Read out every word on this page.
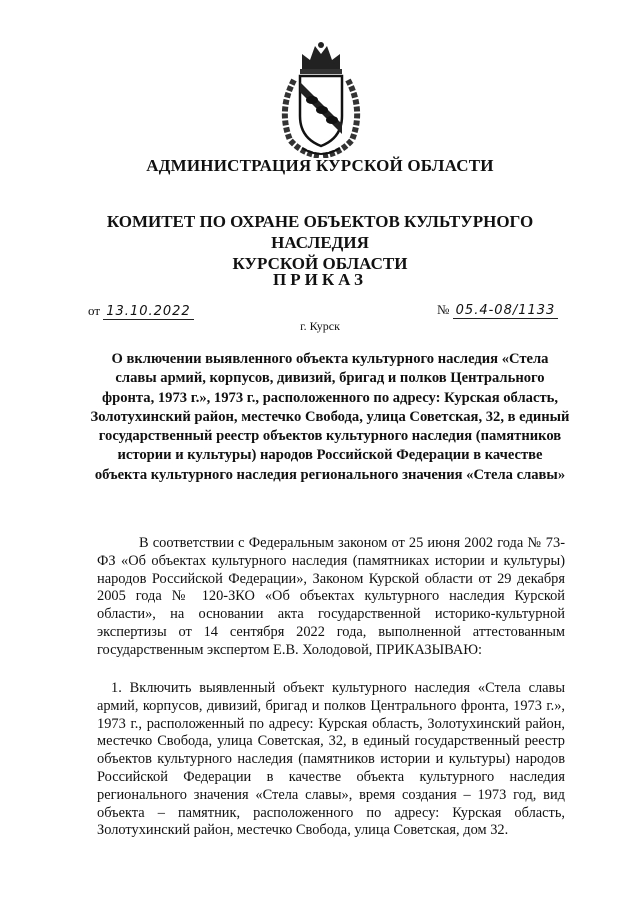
АДМИНИСТРАЦИЯ КУРСКОЙ ОБЛАСТИ
КОМИТЕТ ПО ОХРАНЕ ОБЪЕКТОВ КУЛЬТУРНОГО НАСЛЕДИЯ
КУРСКОЙ ОБЛАСТИ
ПРИКАЗ
от 13.10.2022	№ 05.4-08/1133
г. Курск
О включении выявленного объекта культурного наследия «Стела славы армий, корпусов, дивизий, бригад и полков Центрального фронта, 1973 г.», 1973 г., расположенного по адресу: Курская область, Золотухинский район, местечко Свобода, улица Советская, 32, в единый государственный реестр объектов культурного наследия (памятников истории и культуры) народов Российской Федерации в качестве объекта культурного наследия регионального значения «Стела славы»
В соответствии с Федеральным законом от 25 июня 2002 года № 73-ФЗ «Об объектах культурного наследия (памятниках истории и культуры) народов Российской Федерации», Законом Курской области от 29 декабря 2005 года № 120-ЗКО «Об объектах культурного наследия Курской области», на основании акта государственной историко-культурной экспертизы от 14 сентября 2022 года, выполненной аттестованным государственным экспертом Е.В. Холодовой, ПРИКАЗЫВАЮ:
1. Включить выявленный объект культурного наследия «Стела славы армий, корпусов, дивизий, бригад и полков Центрального фронта, 1973 г.», 1973 г., расположенный по адресу: Курская область, Золотухинский район, местечко Свобода, улица Советская, 32, в единый государственный реестр объектов культурного наследия (памятников истории и культуры) народов Российской Федерации в качестве объекта культурного наследия регионального значения «Стела славы», время создания – 1973 год, вид объекта – памятник, расположенного по адресу: Курская область, Золотухинский район, местечко Свобода, улица Советская, дом 32.
